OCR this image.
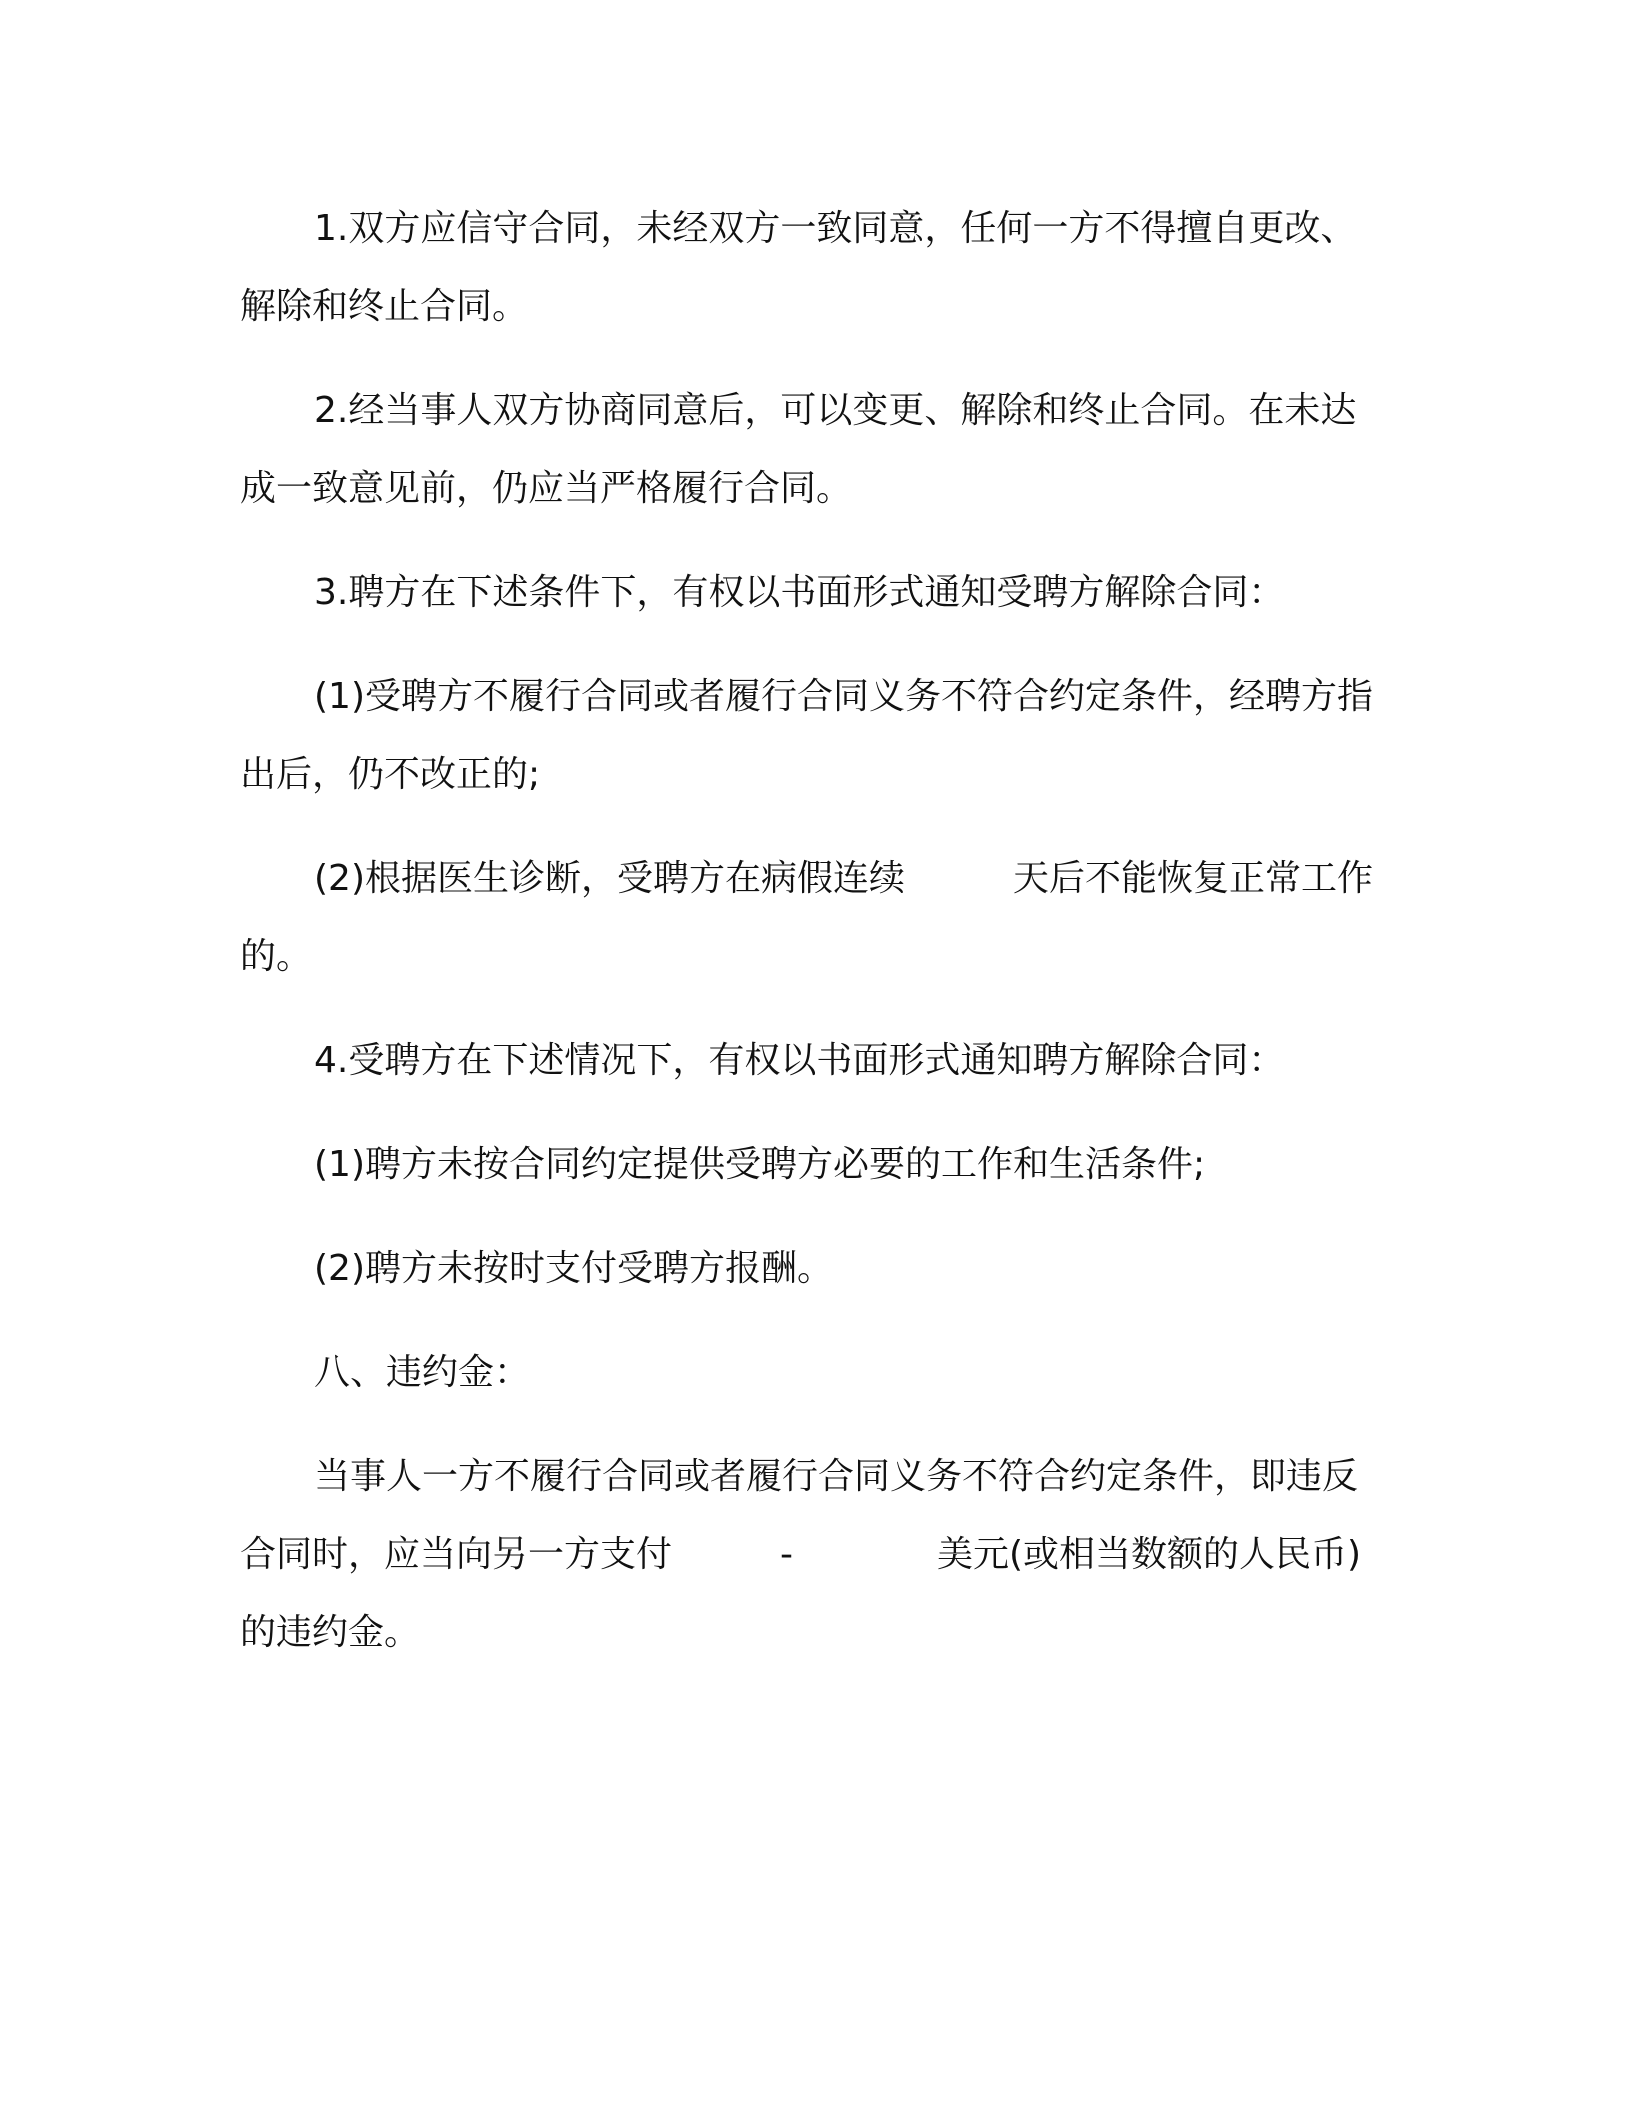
1.双方应信守合同，未经双方一致同意，任何一方不得擅自更改、解除和终止合同。

2.经当事人双方协商同意后，可以变更、解除和终止合同。在未达成一致意见前，仍应当严格履行合同。

3.聘方在下述条件下，有权以书面形式通知受聘方解除合同：

(1)受聘方不履行合同或者履行合同义务不符合约定条件，经聘方指出后，仍不改正的;

(2)根据医生诊断，受聘方在病假连续　　　天后不能恢复正常工作的。

4.受聘方在下述情况下，有权以书面形式通知聘方解除合同：

(1)聘方未按合同约定提供受聘方必要的工作和生活条件;

(2)聘方未按时支付受聘方报酬。

八、违约金：

当事人一方不履行合同或者履行合同义务不符合约定条件，即违反合同时，应当向另一方支付　　　-　　　　美元(或相当数额的人民币)的违约金。
